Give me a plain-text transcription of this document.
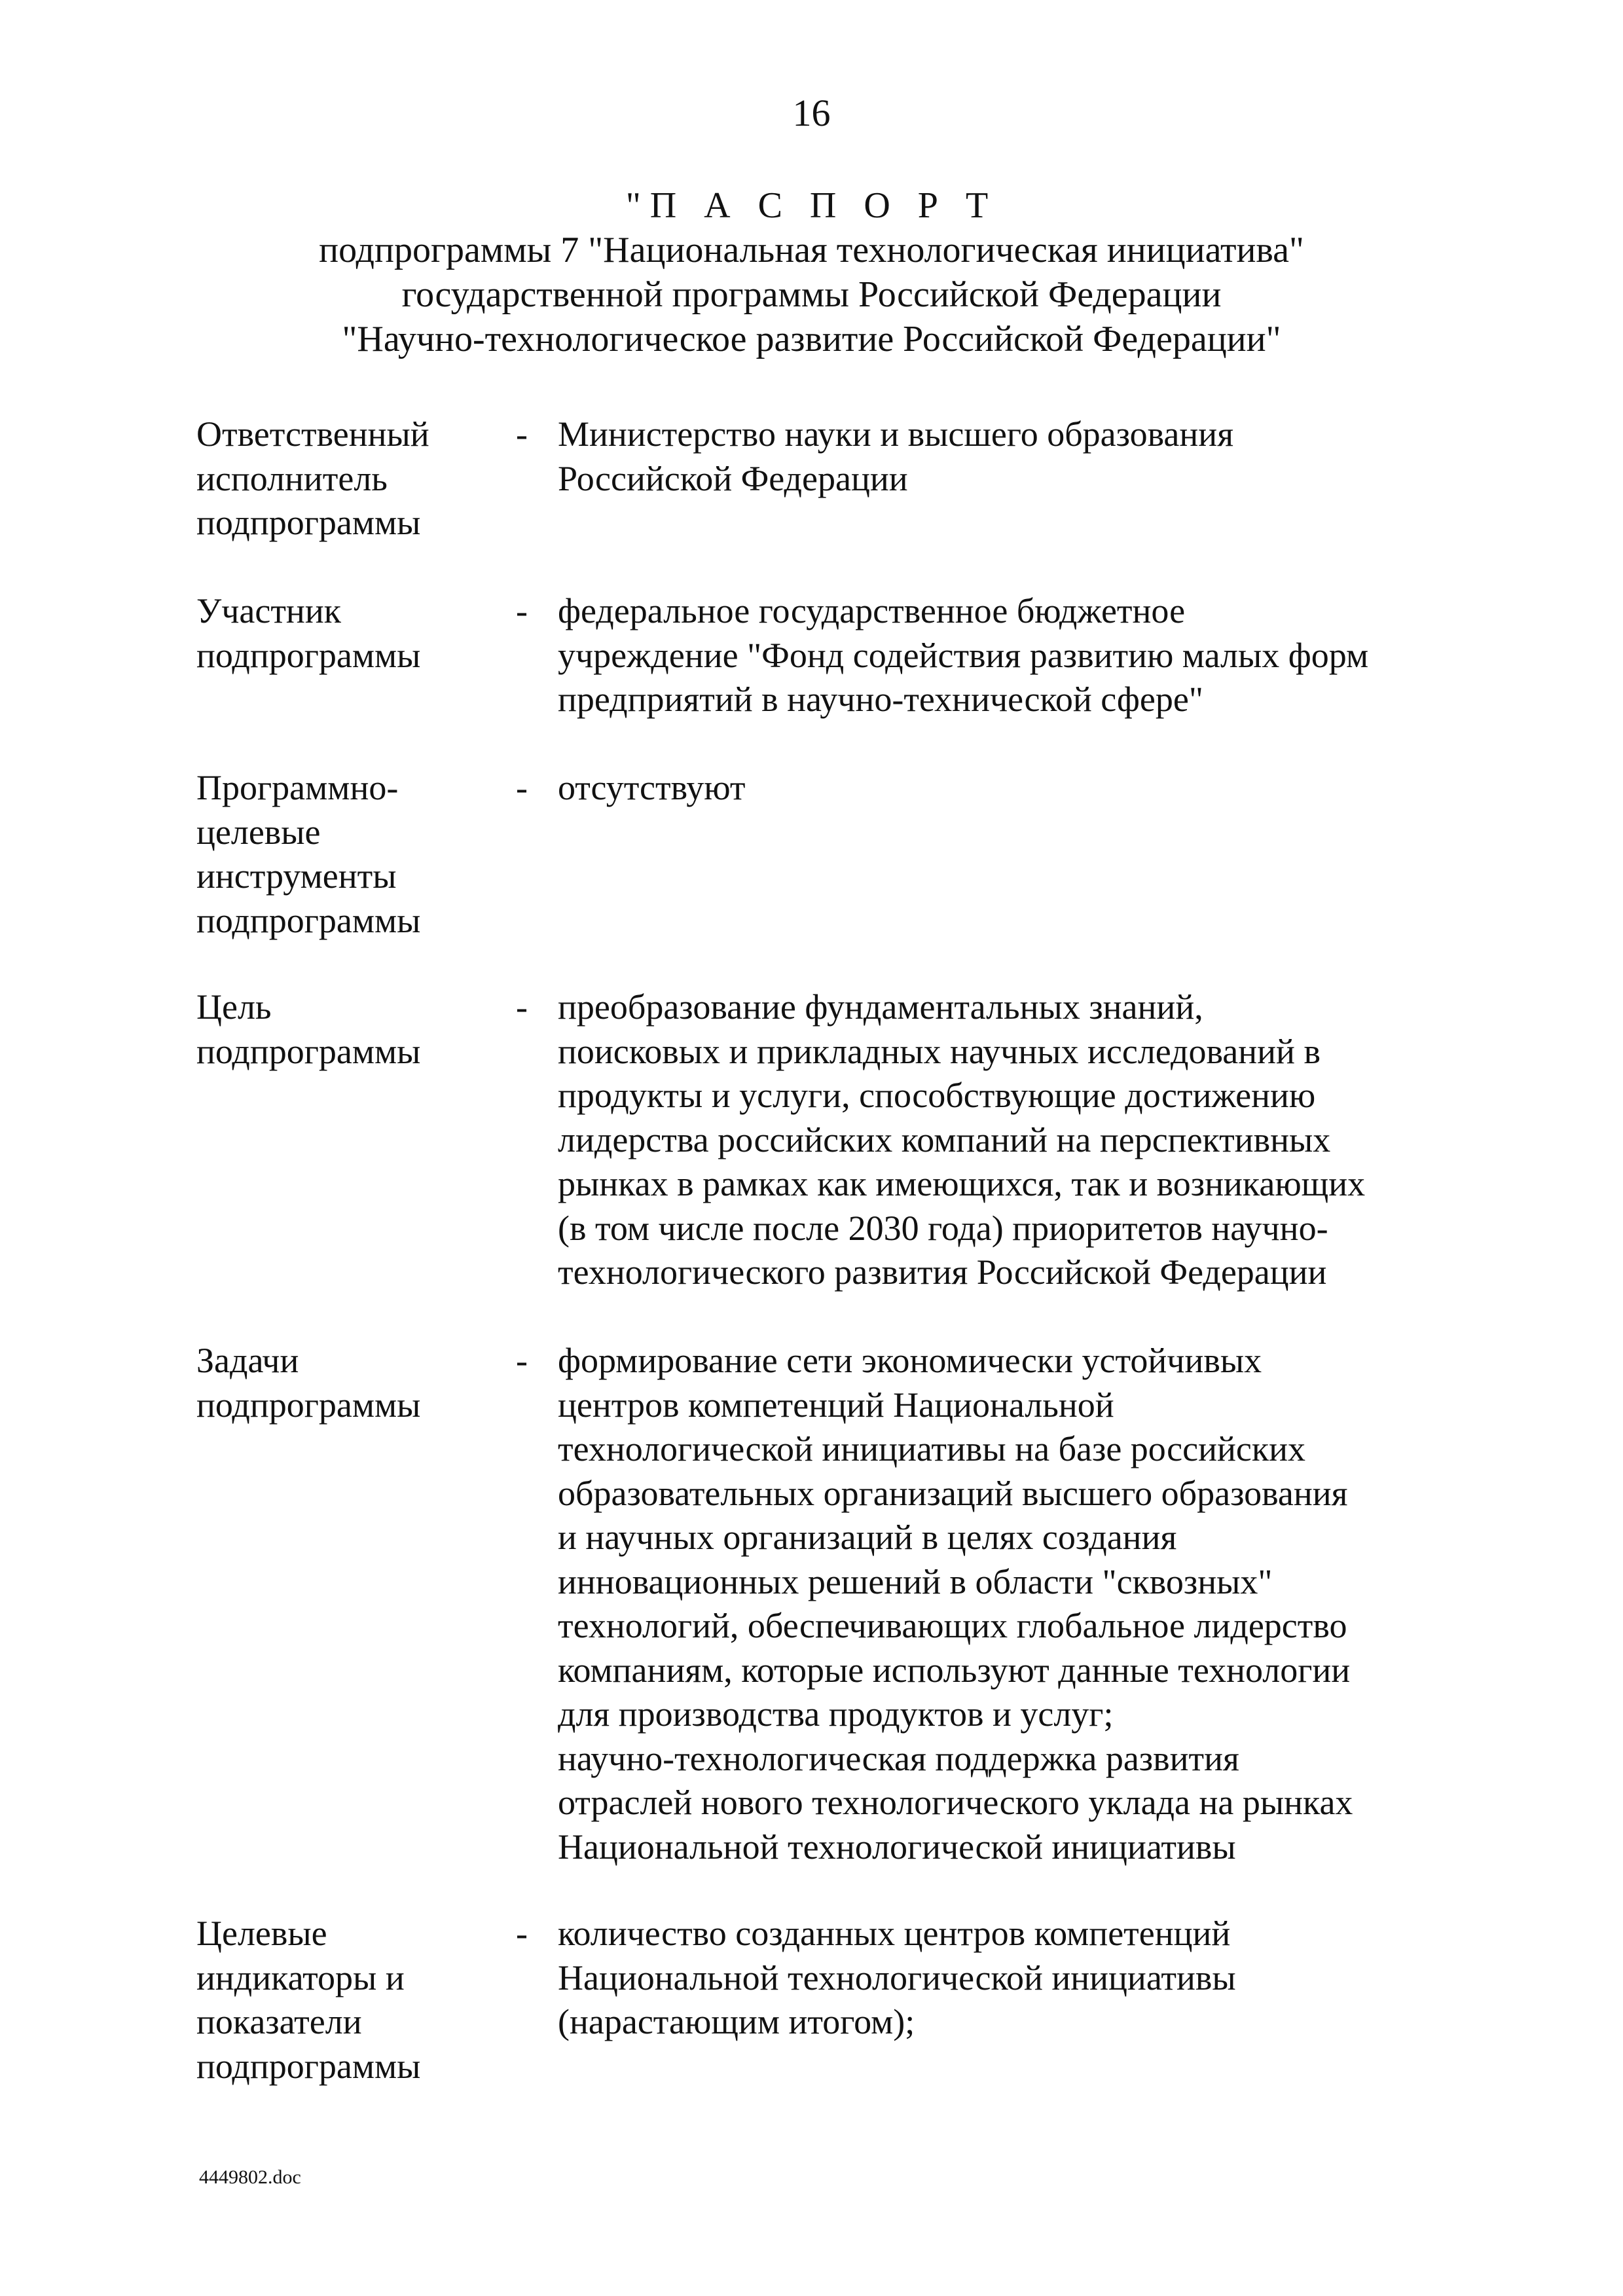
16
"П А С П О Р Т
подпрограммы 7 "Национальная технологическая инициатива"
государственной программы Российской Федерации
"Научно-технологическое развитие Российской Федерации"
Ответственный
исполнитель
подпрограммы
- Министерство науки и высшего образования
Российской Федерации
Участник
подпрограммы
- федеральное государственное бюджетное
учреждение "Фонд содействия развитию малых форм
предприятий в научно-технической сфере"
Программно-
целевые
инструменты
подпрограммы
- отсутствуют
Цель
подпрограммы
- преобразование фундаментальных знаний,
поисковых и прикладных научных исследований в
продукты и услуги, способствующие достижению
лидерства российских компаний на перспективных
рынках в рамках как имеющихся, так и возникающих
(в том числе после 2030 года) приоритетов научно-
технологического развития Российской Федерации
Задачи
подпрограммы
- формирование сети экономически устойчивых
центров компетенций Национальной
технологической инициативы на базе российских
образовательных организаций высшего образования
и научных организаций в целях создания
инновационных решений в области "сквозных"
технологий, обеспечивающих глобальное лидерство
компаниям, которые используют данные технологии
для производства продуктов и услуг;
научно-технологическая поддержка развития
отраслей нового технологического уклада на рынках
Национальной технологической инициативы
Целевые
индикаторы и
показатели
подпрограммы
- количество созданных центров компетенций
Национальной технологической инициативы
(нарастающим итогом);
4449802.doc
